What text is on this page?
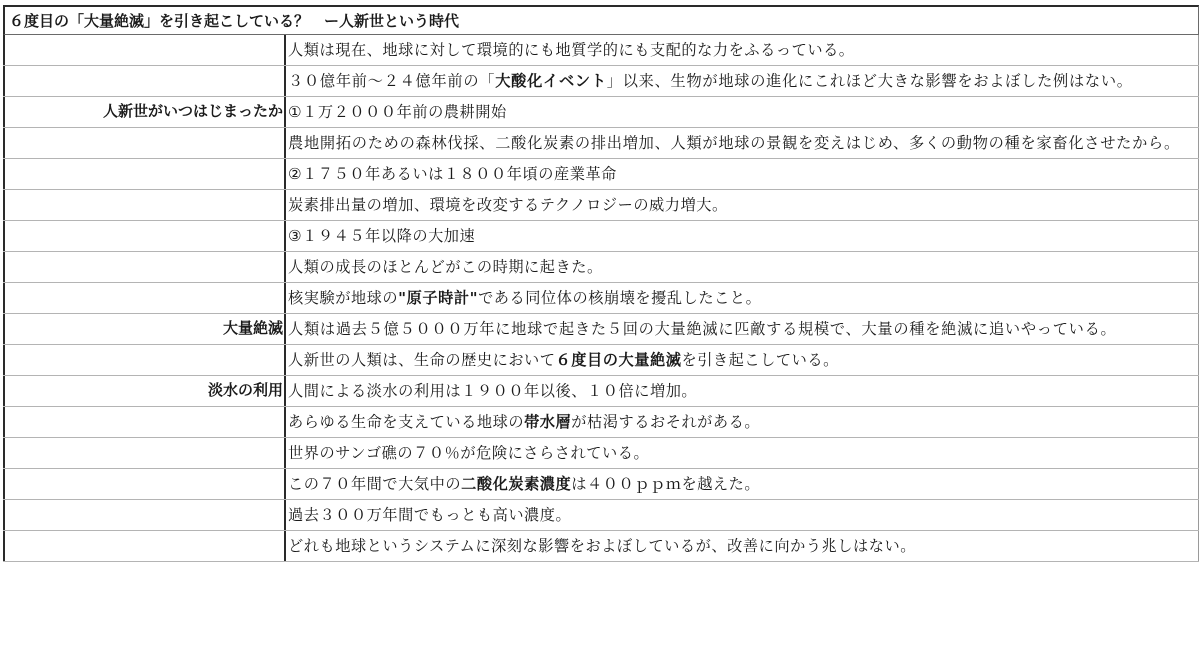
６度目の「大量絶滅」を引き起こしている？　ー人新世という時代
人類は現在、地球に対して環境的にも地質学的にも支配的な力をふるっている。
３０億年前～２４億年前の「大酸化イベント」以来、生物が地球の進化にこれほど大きな影響をおよぼした例はない。
人新世がいつはじまったか ①１万２０００年前の農耕開始
農地開拓のための森林伐採、二酸化炭素の排出増加、人類が地球の景観を変えはじめ、多くの動物の種を家畜化させたから。
②１７５０年あるいは１８００年頃の産業革命
炭素排出量の増加、環境を改変するテクノロジーの威力増大。
③１９４５年以降の大加速
人類の成長のほとんどがこの時期に起きた。
核実験が地球の"原子時計"である同位体の核崩壊を擾乱したこと。
大量絶滅 人類は過去５億５０００万年に地球で起きた５回の大量絶滅に匹敵する規模で、大量の種を絶滅に追いやっている。
人新世の人類は、生命の歴史において６度目の大量絶滅を引き起こしている。
淡水の利用 人間による淡水の利用は１９００年以後、１０倍に増加。
あらゆる生命を支えている地球の帯水層が枯渇するおそれがある。
世界のサンゴ礁の７０％が危険にさらされている。
この７０年間で大気中の二酸化炭素濃度は４００ｐｐｍを越えた。
過去３００万年間でもっとも高い濃度。
どれも地球というシステムに深刻な影響をおよぼしているが、改善に向かう兆しはない。
